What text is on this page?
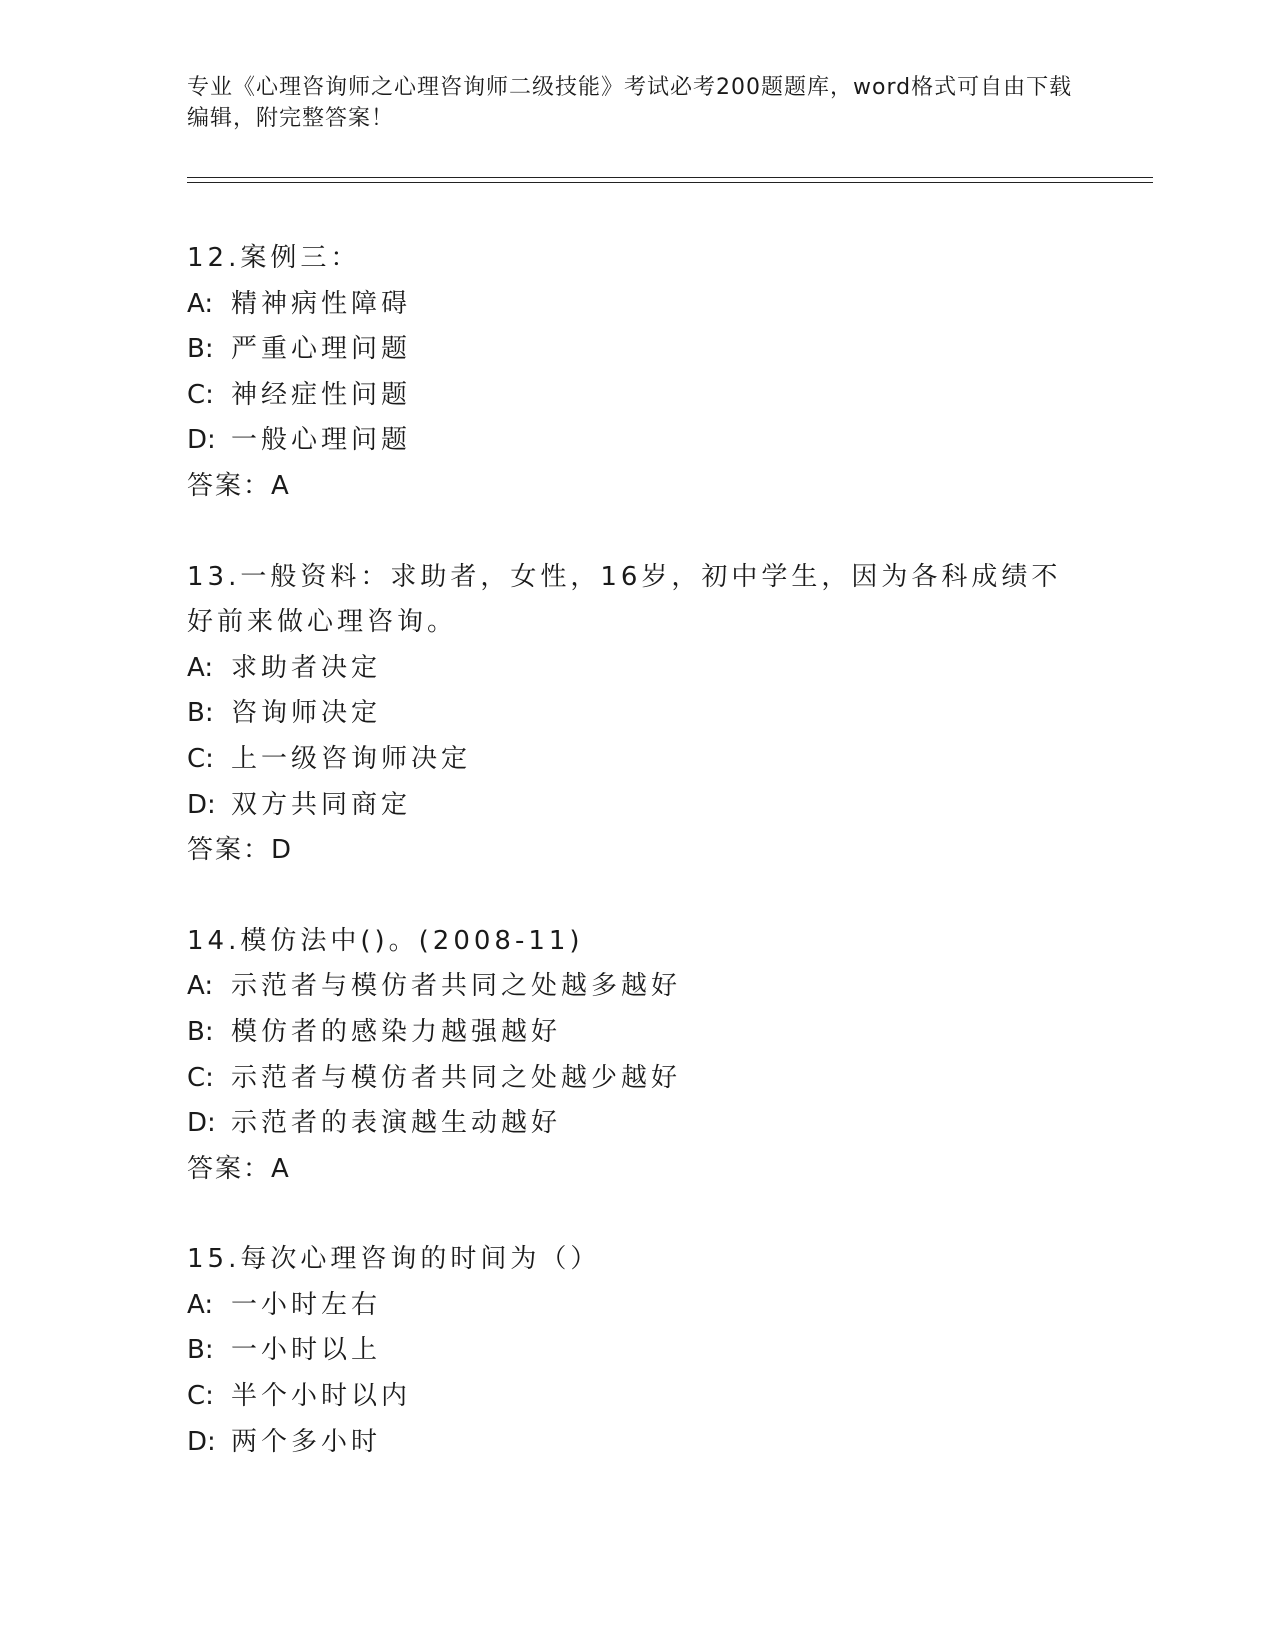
专业《心理咨询师之心理咨询师二级技能》考试必考200题题库，word格式可自由下载编辑，附完整答案！
12.案例三：
A: 精神病性障碍
B: 严重心理问题
C: 神经症性问题
D: 一般心理问题
答案：A
13.一般资料：求助者，女性，16岁，初中学生，因为各科成绩不好前来做心理咨询。
A: 求助者决定
B: 咨询师决定
C: 上一级咨询师决定
D: 双方共同商定
答案：D
14.模仿法中()。(2008-11)
A: 示范者与模仿者共同之处越多越好
B: 模仿者的感染力越强越好
C: 示范者与模仿者共同之处越少越好
D: 示范者的表演越生动越好
答案：A
15.每次心理咨询的时间为（）
A: 一小时左右
B: 一小时以上
C: 半个小时以内
D: 两个多小时
